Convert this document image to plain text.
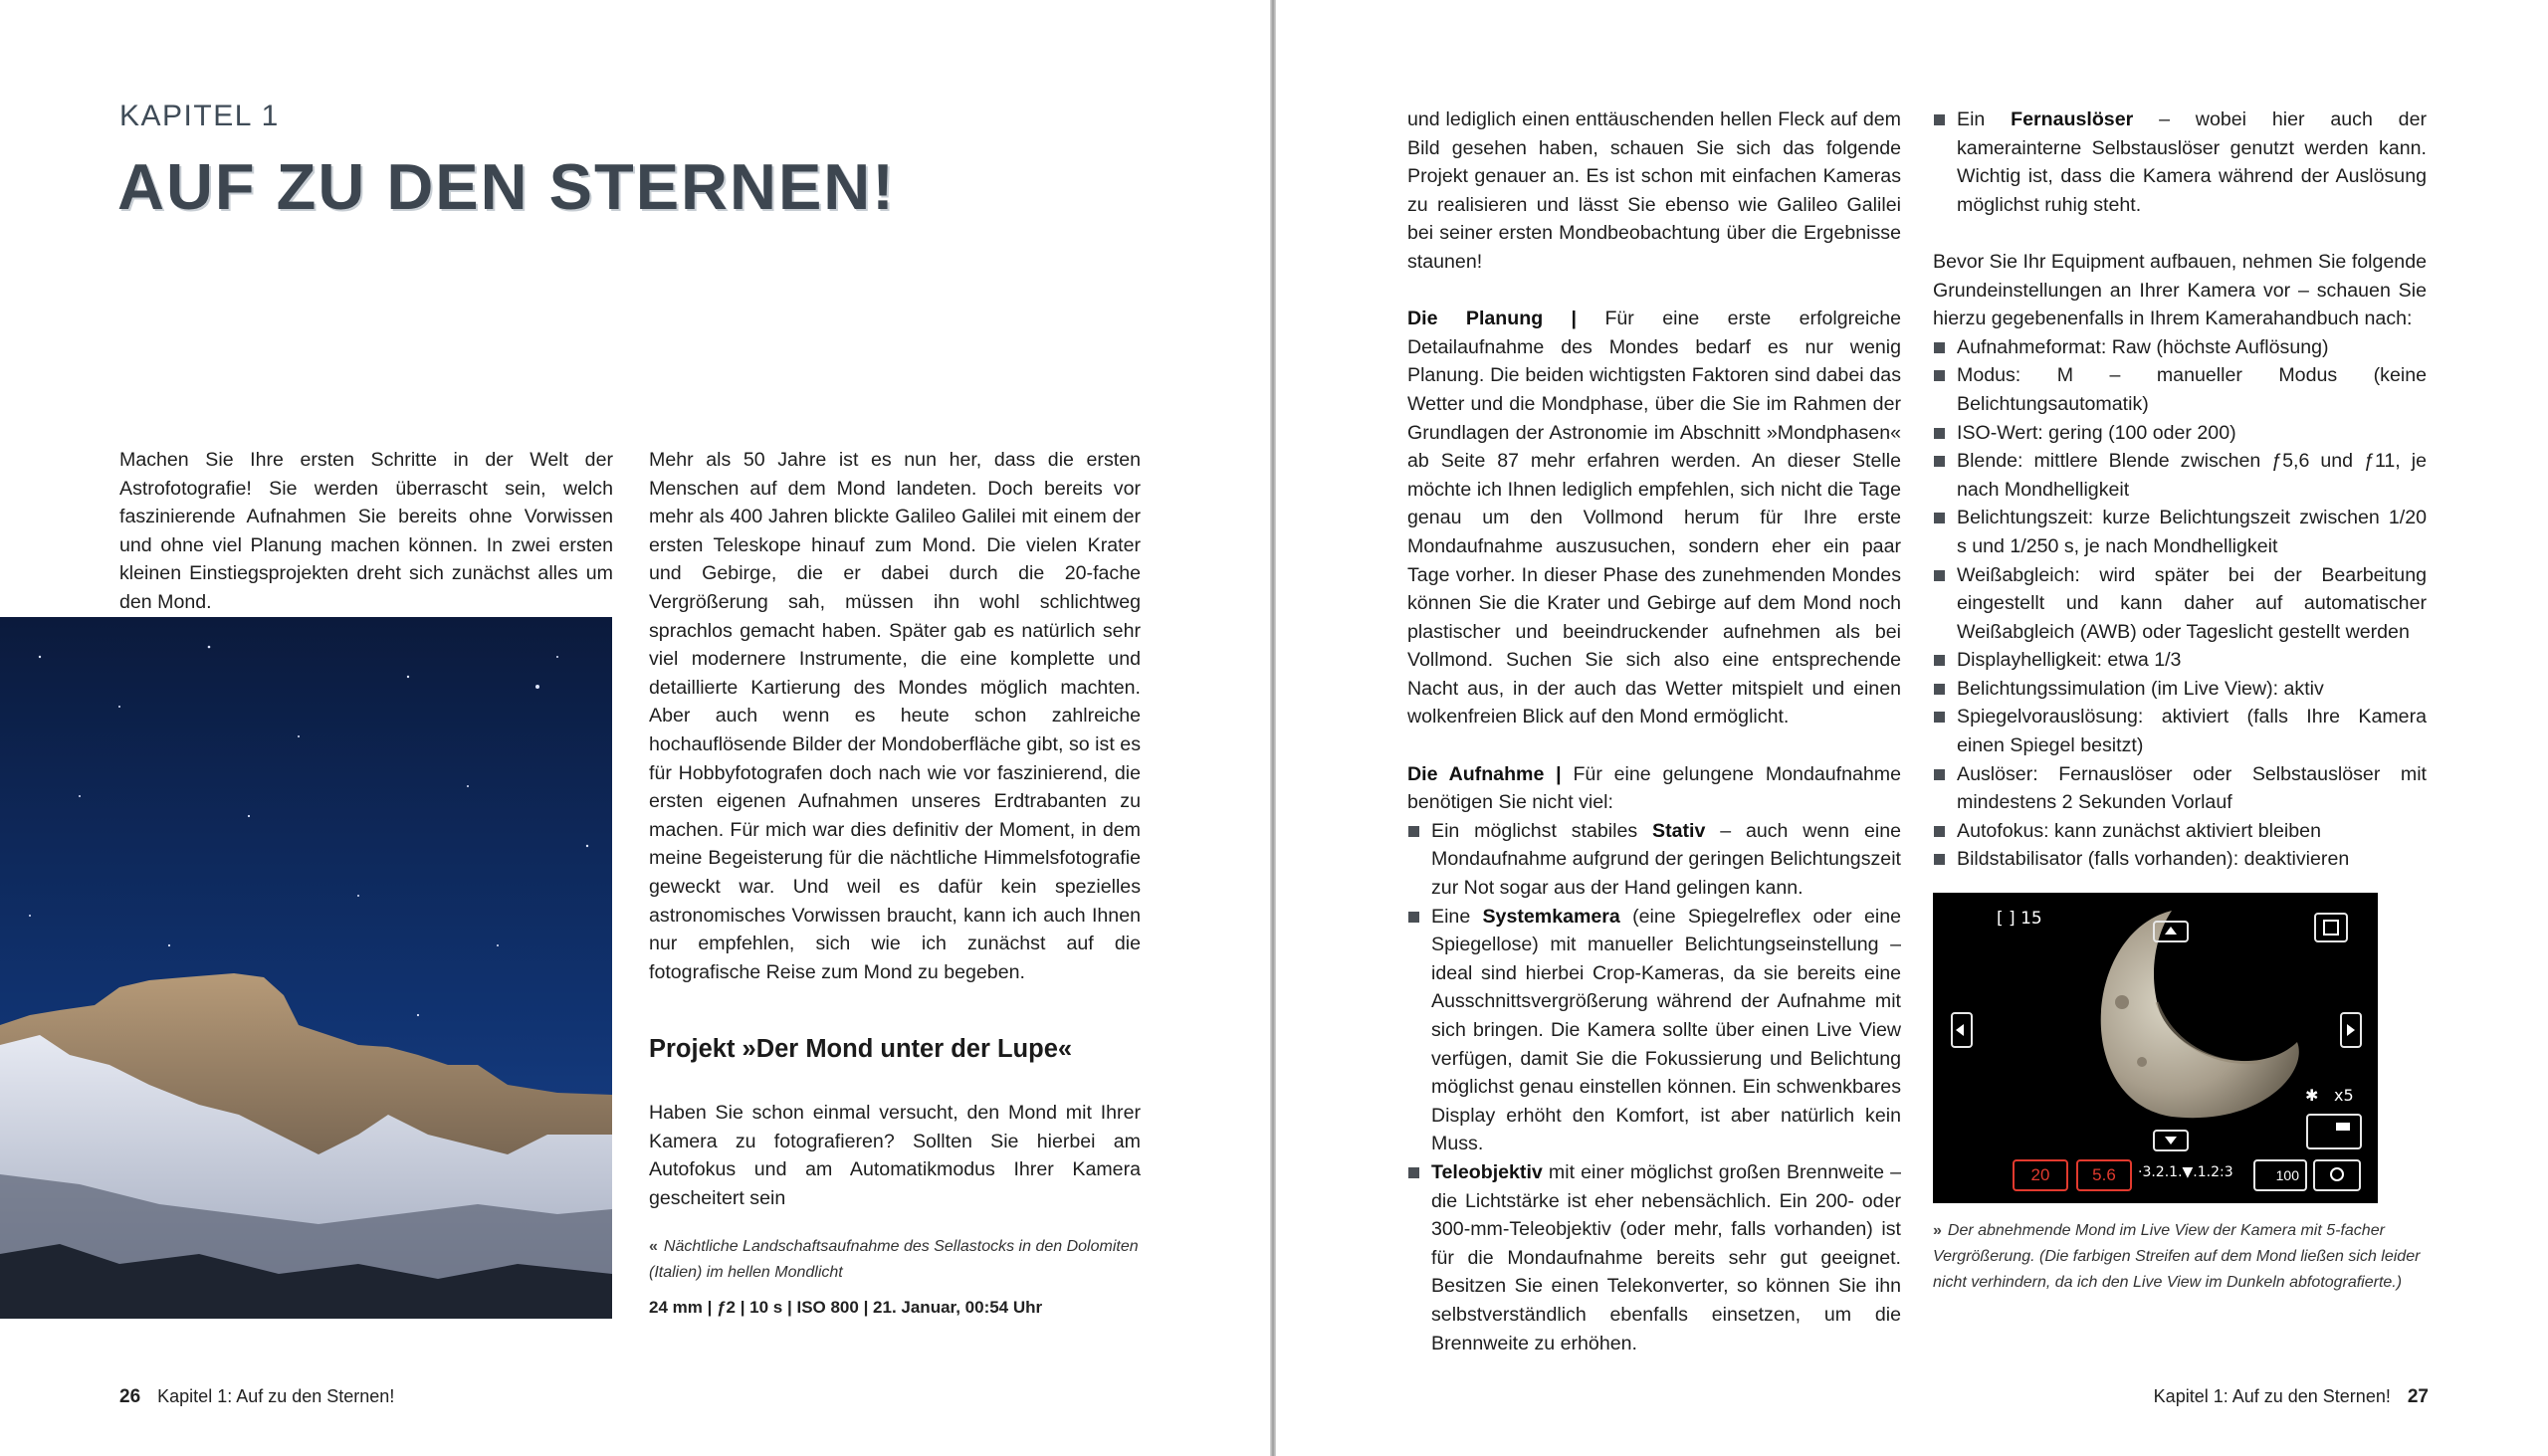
KAPITEL 1
AUF ZU DEN STERNEN!
Machen Sie Ihre ersten Schritte in der Welt der Astrofotografie! Sie werden überrascht sein, welch faszinierende Aufnahmen Sie bereits ohne Vorwissen und ohne viel Planung machen können. In zwei ersten kleinen Einstiegsprojekten dreht sich zunächst alles um den Mond.
Mehr als 50 Jahre ist es nun her, dass die ersten Menschen auf dem Mond landeten. Doch bereits vor mehr als 400 Jahren blickte Galileo Galilei mit einem der ersten Teleskope hinauf zum Mond. Die vielen Krater und Gebirge, die er dabei durch die 20-fache Vergrößerung sah, müssen ihn wohl schlichtweg sprachlos gemacht haben. Später gab es natürlich sehr viel modernere Instrumente, die eine komplette und detaillierte Kartierung des Mondes möglich machten. Aber auch wenn es heute schon zahlreiche hochauflösende Bilder der Mondoberfläche gibt, so ist es für Hobbyfotografen doch nach wie vor faszinierend, die ersten eigenen Aufnahmen unseres Erdtrabanten zu machen. Für mich war dies definitiv der Moment, in dem meine Begeisterung für die nächtliche Himmelsfotografie geweckt war. Und weil es dafür kein spezielles astronomisches Vorwissen braucht, kann ich auch Ihnen nur empfehlen, sich wie ich zunächst auf die fotografische Reise zum Mond zu begeben.
Projekt »Der Mond unter der Lupe«
Haben Sie schon einmal versucht, den Mond mit Ihrer Kamera zu fotografieren? Sollten Sie hierbei am Autofokus und am Automatikmodus Ihrer Kamera gescheitert sein
« Nächtliche Landschaftsaufnahme des Sellastocks in den Dolomiten (Italien) im hellen Mondlicht
24 mm | ƒ2 | 10 s | ISO 800 | 21. Januar, 00:54 Uhr
26 Kapitel 1: Auf zu den Sternen!

und lediglich einen enttäuschenden hellen Fleck auf dem Bild gesehen haben, schauen Sie sich das folgende Projekt genauer an. Es ist schon mit einfachen Kameras zu realisieren und lässt Sie ebenso wie Galileo Galilei bei seiner ersten Mondbeobachtung über die Ergebnisse staunen!

Die Planung | Für eine erste erfolgreiche Detailaufnahme des Mondes bedarf es nur wenig Planung. Die beiden wichtigsten Faktoren sind dabei das Wetter und die Mondphase, über die Sie im Rahmen der Grundlagen der Astronomie im Abschnitt »Mondphasen« ab Seite 87 mehr erfahren werden. An dieser Stelle möchte ich Ihnen lediglich empfehlen, sich nicht die Tage genau um den Vollmond herum für Ihre erste Mondaufnahme auszusuchen, sondern eher ein paar Tage vorher. In dieser Phase des zunehmenden Mondes können Sie die Krater und Gebirge auf dem Mond noch plastischer und beeindruckender aufnehmen als bei Vollmond. Suchen Sie sich also eine entsprechende Nacht aus, in der auch das Wetter mitspielt und einen wolkenfreien Blick auf den Mond ermöglicht.

Die Aufnahme | Für eine gelungene Mondaufnahme benötigen Sie nicht viel:

Ein möglichst stabiles Stativ – auch wenn eine Mondaufnahme aufgrund der geringen Belichtungszeit zur Not sogar aus der Hand gelingen kann.
Eine Systemkamera (eine Spiegelreflex oder eine Spiegellose) mit manueller Belichtungseinstellung – ideal sind hierbei Crop-Kameras, da sie bereits eine Ausschnittsvergrößerung während der Aufnahme mit sich bringen. Die Kamera sollte über einen Live View verfügen, damit Sie die Fokussierung und Belichtung möglichst genau einstellen können. Ein schwenkbares Display erhöht den Komfort, ist aber natürlich kein Muss.
Teleobjektiv mit einer möglichst großen Brennweite – die Lichtstärke ist eher nebensächlich. Ein 200- oder 300-mm-Teleobjektiv (oder mehr, falls vorhanden) ist für die Mondaufnahme bereits sehr gut geeignet. Besitzen Sie einen Telekonverter, so können Sie ihn selbstverständlich ebenfalls einsetzen, um die Brennweite zu erhöhen.
Ein Fernauslöser – wobei hier auch der kamerainterne Selbstauslöser genutzt werden kann. Wichtig ist, dass die Kamera während der Auslösung möglichst ruhig steht.

Bevor Sie Ihr Equipment aufbauen, nehmen Sie folgende Grundeinstellungen an Ihrer Kamera vor – schauen Sie hierzu gegebenenfalls in Ihrem Kamerahandbuch nach:

Aufnahmeformat: Raw (höchste Auflösung)
Modus: M – manueller Modus (keine Belichtungsautomatik)
ISO-Wert: gering (100 oder 200)
Blende: mittlere Blende zwischen ƒ5,6 und ƒ11, je nach Mondhelligkeit
Belichtungszeit: kurze Belichtungszeit zwischen 1/20 s und 1/250 s, je nach Mondhelligkeit
Weißabgleich: wird später bei der Bearbeitung eingestellt und kann daher auf automatischer Weißabgleich (AWB) oder Tageslicht gestellt werden
Displayhelligkeit: etwa 1/3
Belichtungssimulation (im Live View): aktiv
Spiegelvorauslösung: aktiviert (falls Ihre Kamera einen Spiegel besitzt)
Auslöser: Fernauslöser oder Selbstauslöser mit mindestens 2 Sekunden Vorlauf
Autofokus: kann zunächst aktiviert bleiben
Bildstabilisator (falls vorhanden): deaktivieren
[ ] 15
✱ x5
20	5.6	·3.2.1.▼.1.2:3	100
» Der abnehmende Mond im Live View der Kamera mit 5-facher Vergrößerung. (Die farbigen Streifen auf dem Mond ließen sich leider nicht verhindern, da ich den Live View im Dunkeln abfotografierte.)
Kapitel 1: Auf zu den Sternen! 27
